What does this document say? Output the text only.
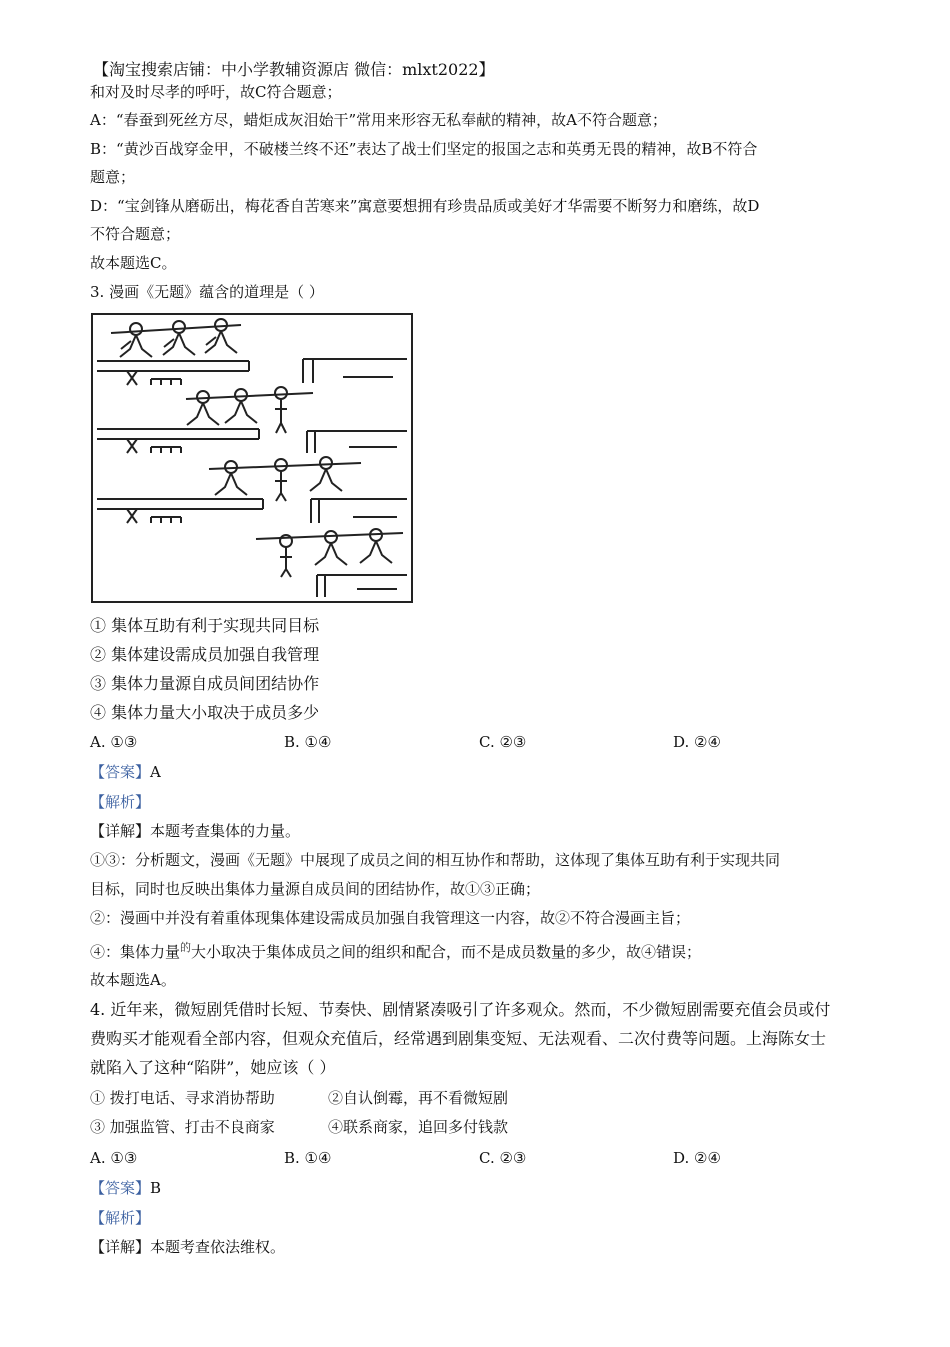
【淘宝搜索店铺：中小学教辅资源店 微信：mlxt2022】
和对及时尽孝的呼吁，故C符合题意；
A：“春蚕到死丝方尽，蜡炬成灰泪始干”常用来形容无私奉献的精神，故A不符合题意；
B：“黄沙百战穿金甲，不破楼兰终不还”表达了战士们坚定的报国之志和英勇无畏的精神，故B不符合
题意；
D：“宝剑锋从磨砺出，梅花香自苦寒来”寓意要想拥有珍贵品质或美好才华需要不断努力和磨练，故D
不符合题意；
故本题选C。
3. 漫画《无题》蕴含的道理是（ ）
① 集体互助有利于实现共同目标
② 集体建设需成员加强自我管理
③ 集体力量源自成员间团结协作
④ 集体力量大小取决于成员多少
A. ①③	B. ①④	C. ②③	D. ②④
【答案】A
【解析】
【详解】本题考查集体的力量。
①③：分析题文，漫画《无题》中展现了成员之间的相互协作和帮助，这体现了集体互助有利于实现共同
目标，同时也反映出集体力量源自成员间的团结协作，故①③正确；
②：漫画中并没有着重体现集体建设需成员加强自我管理这一内容，故②不符合漫画主旨；
④：集体力量$^的$大小取决于集体成员之间的组织和配合，而不是成员数量的多少，故④错误；
故本题选A。
4. 近年来，微短剧凭借时长短、节奏快、剧情紧凑吸引了许多观众。然而，不少微短剧需要充值会员或付
费购买才能观看全部内容，但观众充值后，经常遇到剧集变短、无法观看、二次付费等问题。上海陈女士
就陷入了这种“陷阱”，她应该（ ）
① 拨打电话、寻求消协帮助	②自认倒霉，再不看微短剧
③ 加强监管、打击不良商家	④联系商家，追回多付钱款
A. ①③	B. ①④	C. ②③	D. ②④
【答案】B
【解析】
【详解】本题考查依法维权。
